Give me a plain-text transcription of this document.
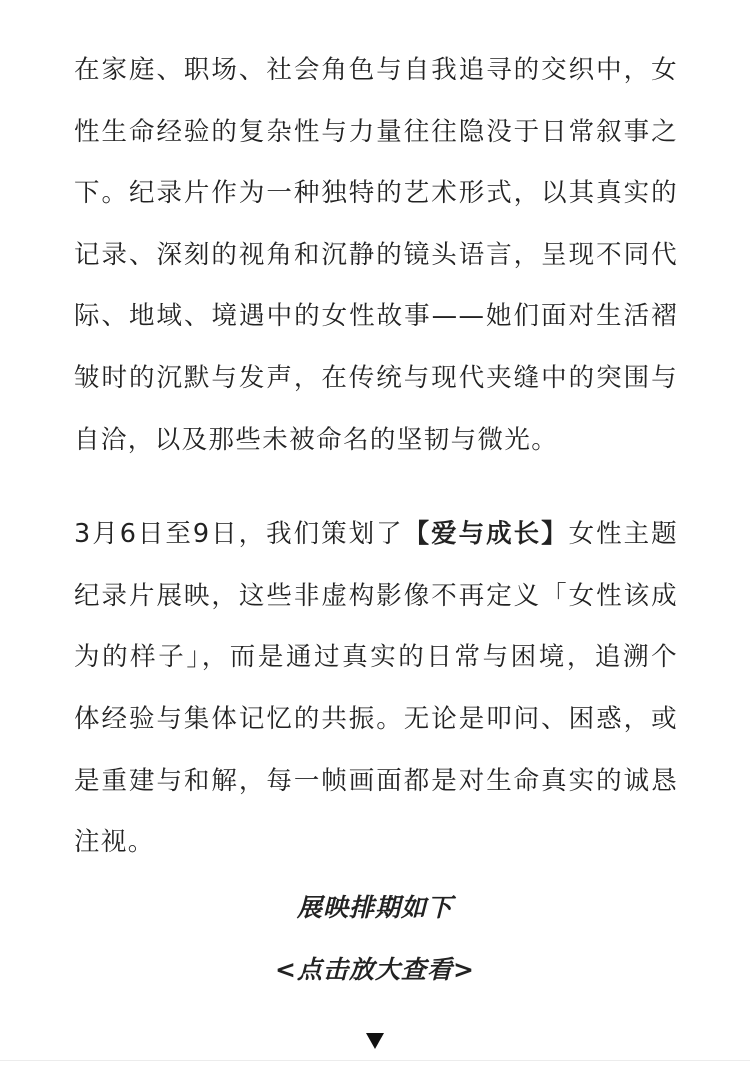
在家庭、职场、社会角色与自我追寻的交织中，女性生命经验的复杂性与力量往往隐没于日常叙事之下。纪录片作为一种独特的艺术形式，以其真实的记录、深刻的视角和沉静的镜头语言，呈现不同代际、地域、境遇中的女性故事——她们面对生活褶皱时的沉默与发声，在传统与现代夹缝中的突围与自洽，以及那些未被命名的坚韧与微光。

3月6日至9日，我们策划了【爱与成长】女性主题纪录片展映，这些非虚构影像不再定义「女性该成为的样子」，而是通过真实的日常与困境，追溯个体经验与集体记忆的共振。无论是叩问、困惑，或是重建与和解，每一帧画面都是对生命真实的诚恳注视。

展映排期如下
<点击放大查看>
